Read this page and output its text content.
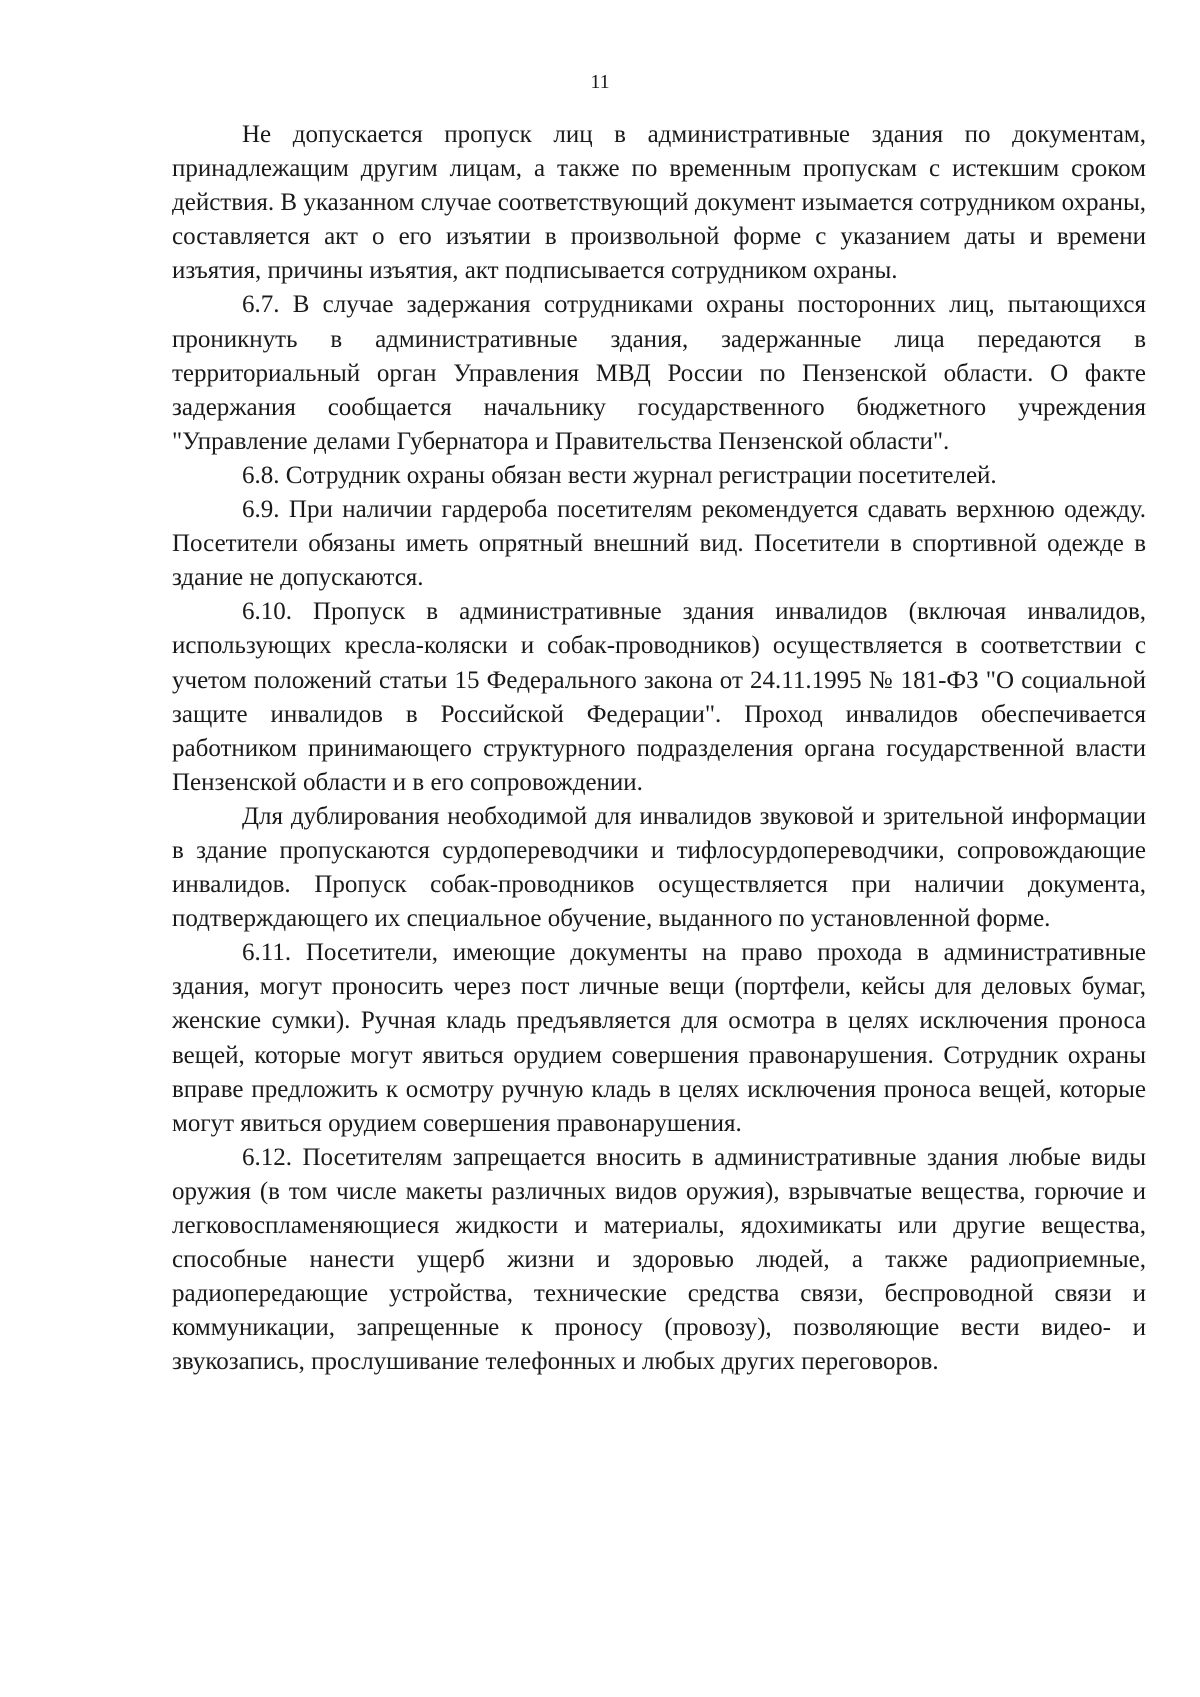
11

Не допускается пропуск лиц в административные здания по документам, принадлежащим другим лицам, а также по временным пропускам с истекшим сроком действия. В указанном случае соответствующий документ изымается сотрудником охраны, составляется акт о его изъятии в произвольной форме с указанием даты и времени изъятия, причины изъятия, акт подписывается сотрудником охраны.

6.7. В случае задержания сотрудниками охраны посторонних лиц, пытающихся проникнуть в административные здания, задержанные лица передаются в территориальный орган Управления МВД России по Пензенской области. О факте задержания сообщается начальнику государственного бюджетного учреждения "Управление делами Губернатора и Правительства Пензенской области".

6.8. Сотрудник охраны обязан вести журнал регистрации посетителей.

6.9. При наличии гардероба посетителям рекомендуется сдавать верхнюю одежду. Посетители обязаны иметь опрятный внешний вид. Посетители в спортивной одежде в здание не допускаются.

6.10. Пропуск в административные здания инвалидов (включая инвалидов, использующих кресла-коляски и собак-проводников) осуществляется в соответствии с учетом положений статьи 15 Федерального закона от 24.11.1995 № 181-ФЗ "О социальной защите инвалидов в Российской Федерации". Проход инвалидов обеспечивается работником принимающего структурного подразделения органа государственной власти Пензенской области и в его сопровождении.

Для дублирования необходимой для инвалидов звуковой и зрительной информации в здание пропускаются сурдопереводчики и тифлосурдопереводчики, сопровождающие инвалидов. Пропуск собак-проводников осуществляется при наличии документа, подтверждающего их специальное обучение, выданного по установленной форме.

6.11. Посетители, имеющие документы на право прохода в административные здания, могут проносить через пост личные вещи (портфели, кейсы для деловых бумаг, женские сумки). Ручная кладь предъявляется для осмотра в целях исключения проноса вещей, которые могут явиться орудием совершения правонарушения. Сотрудник охраны вправе предложить к осмотру ручную кладь в целях исключения проноса вещей, которые могут явиться орудием совершения правонарушения.

6.12. Посетителям запрещается вносить в административные здания любые виды оружия (в том числе макеты различных видов оружия), взрывчатые вещества, горючие и легковоспламеняющиеся жидкости и материалы, ядохимикаты или другие вещества, способные нанести ущерб жизни и здоровью людей, а также радиоприемные, радиопередающие устройства, технические средства связи, беспроводной связи и коммуникации, запрещенные к проносу (провозу), позволяющие вести видео- и звукозапись, прослушивание телефонных и любых других переговоров.
